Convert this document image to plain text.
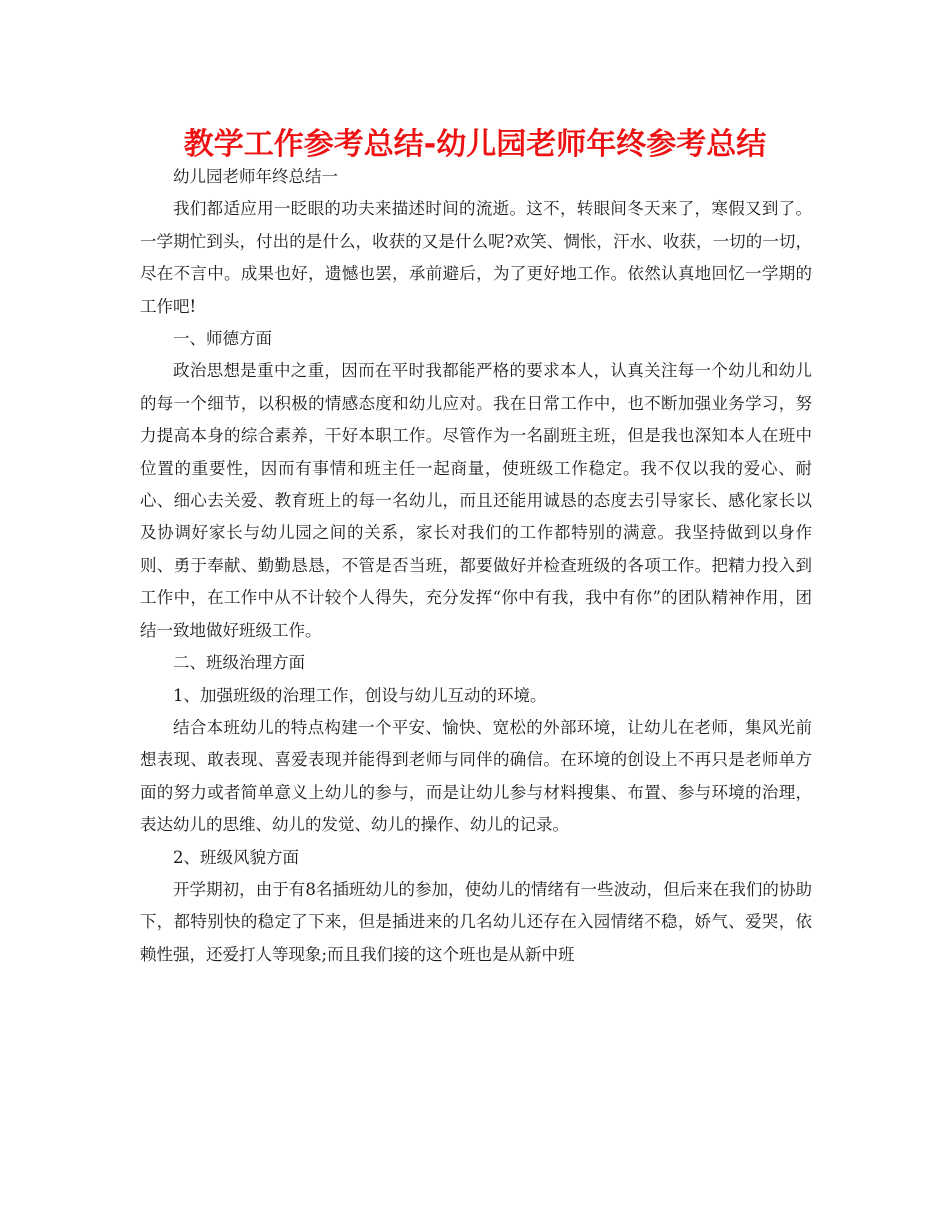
教学工作参考总结-幼儿园老师年终参考总结

幼儿园老师年终总结一

我们都适应用一眨眼的功夫来描述时间的流逝。这不，转眼间冬天来了，寒假又到了。一学期忙到头，付出的是什么，收获的又是什么呢?欢笑、惆怅，汗水、收获，一切的一切，尽在不言中。成果也好，遗憾也罢，承前避后，为了更好地工作。依然认真地回忆一学期的工作吧!

一、师德方面

政治思想是重中之重，因而在平时我都能严格的要求本人，认真关注每一个幼儿和幼儿的每一个细节，以积极的情感态度和幼儿应对。我在日常工作中，也不断加强业务学习，努力提高本身的综合素养，干好本职工作。尽管作为一名副班主班，但是我也深知本人在班中位置的重要性，因而有事情和班主任一起商量，使班级工作稳定。我不仅以我的爱心、耐心、细心去关爱、教育班上的每一名幼儿，而且还能用诚恳的态度去引导家长、感化家长以及协调好家长与幼儿园之间的关系，家长对我们的工作都特别的满意。我坚持做到以身作则、勇于奉献、勤勤恳恳，不管是否当班，都要做好并检查班级的各项工作。把精力投入到工作中，在工作中从不计较个人得失，充分发挥“你中有我，我中有你”的团队精神作用，团结一致地做好班级工作。

二、班级治理方面

1、加强班级的治理工作，创设与幼儿互动的环境。

结合本班幼儿的特点构建一个平安、愉快、宽松的外部环境，让幼儿在老师，集风光前想表现、敢表现、喜爱表现并能得到老师与同伴的确信。在环境的创设上不再只是老师单方面的努力或者简单意义上幼儿的参与，而是让幼儿参与材料搜集、布置、参与环境的治理，表达幼儿的思维、幼儿的发觉、幼儿的操作、幼儿的记录。

2、班级风貌方面

开学期初，由于有8名插班幼儿的参加，使幼儿的情绪有一些波动，但后来在我们的协助下，都特别快的稳定了下来，但是插进来的几名幼儿还存在入园情绪不稳，娇气、爱哭，依赖性强，还爱打人等现象;而且我们接的这个班也是从新中班
